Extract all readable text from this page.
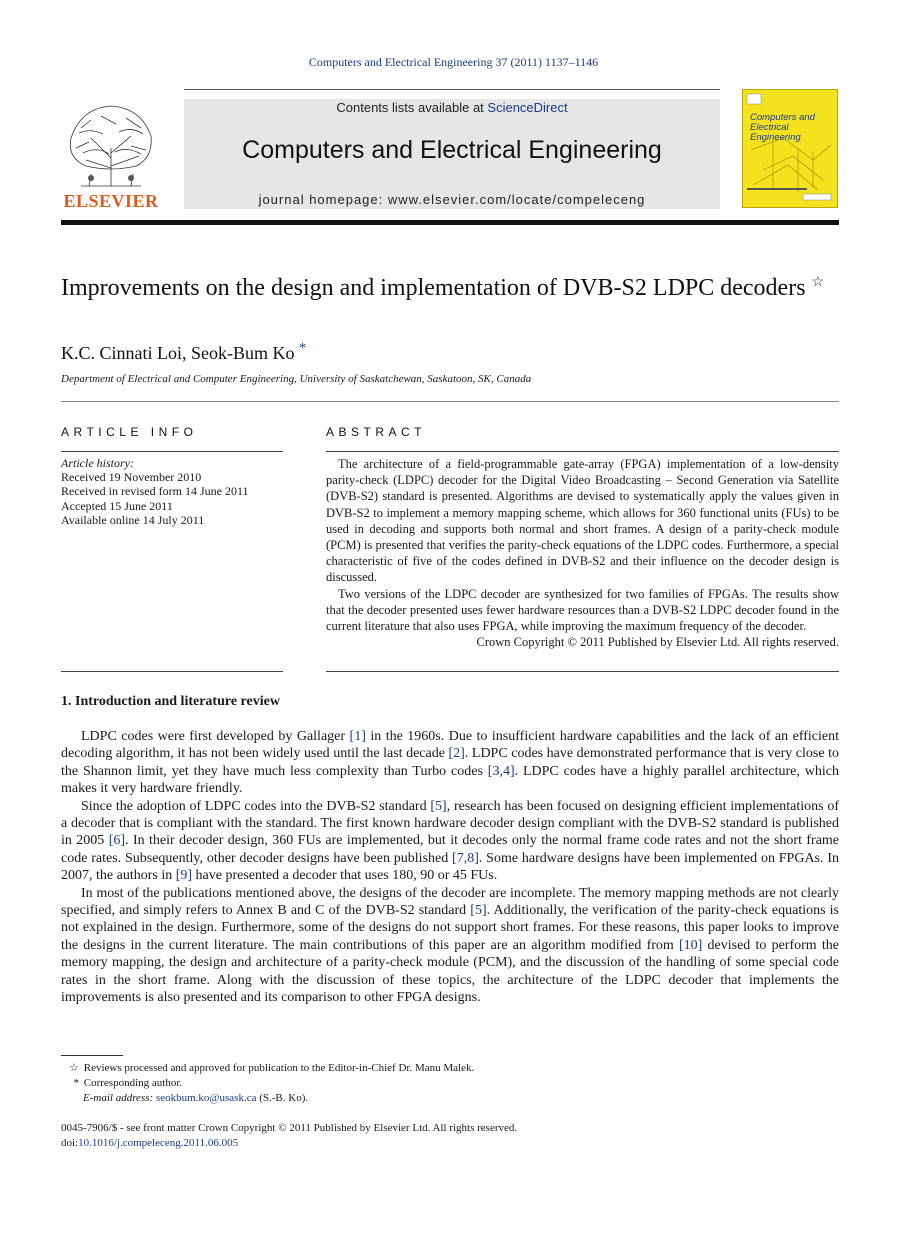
Computers and Electrical Engineering 37 (2011) 1137–1146
ELSEVIER
Contents lists available at ScienceDirect
Computers and Electrical Engineering
journal homepage: www.elsevier.com/locate/compeleceng
Computers and
Electrical Engineering
Improvements on the design and implementation of DVB-S2 LDPC decoders ☆
K.C. Cinnati Loi, Seok-Bum Ko *
Department of Electrical and Computer Engineering, University of Saskatchewan, Saskatoon, SK, Canada
ARTICLE INFO
Article history:
Received 19 November 2010
Received in revised form 14 June 2011
Accepted 15 June 2011
Available online 14 July 2011
ABSTRACT

The architecture of a field-programmable gate-array (FPGA) implementation of a low-density parity-check (LDPC) decoder for the Digital Video Broadcasting – Second Generation via Satellite (DVB-S2) standard is presented. Algorithms are devised to systematically apply the values given in DVB-S2 to implement a memory mapping scheme, which allows for 360 functional units (FUs) to be used in decoding and supports both normal and short frames. A design of a parity-check module (PCM) is presented that verifies the parity-check equations of the LDPC codes. Furthermore, a special characteristic of five of the codes defined in DVB-S2 and their influence on the decoder design is discussed.

Two versions of the LDPC decoder are synthesized for two families of FPGAs. The results show that the decoder presented uses fewer hardware resources than a DVB-S2 LDPC decoder found in the current literature that also uses FPGA, while improving the maximum frequency of the decoder.

Crown Copyright © 2011 Published by Elsevier Ltd. All rights reserved.

1. Introduction and literature review

LDPC codes were first developed by Gallager [1] in the 1960s. Due to insufficient hardware capabilities and the lack of an efficient decoding algorithm, it has not been widely used until the last decade [2]. LDPC codes have demonstrated performance that is very close to the Shannon limit, yet they have much less complexity than Turbo codes [3,4]. LDPC codes have a highly parallel architecture, which makes it very hardware friendly.

Since the adoption of LDPC codes into the DVB-S2 standard [5], research has been focused on designing efficient implementations of a decoder that is compliant with the standard. The first known hardware decoder design compliant with the DVB-S2 standard is published in 2005 [6]. In their decoder design, 360 FUs are implemented, but it decodes only the normal frame code rates and not the short frame code rates. Subsequently, other decoder designs have been published [7,8]. Some hardware designs have been implemented on FPGAs. In 2007, the authors in [9] have presented a decoder that uses 180, 90 or 45 FUs.

In most of the publications mentioned above, the designs of the decoder are incomplete. The memory mapping methods are not clearly specified, and simply refers to Annex B and C of the DVB-S2 standard [5]. Additionally, the verification of the parity-check equations is not explained in the design. Furthermore, some of the designs do not support short frames. For these reasons, this paper looks to improve the designs in the current literature. The main contributions of this paper are an algorithm modified from [10] devised to perform the memory mapping, the design and architecture of a parity-check module (PCM), and the discussion of the handling of some special code rates in the short frame. Along with the discussion of these topics, the architecture of the LDPC decoder that implements the improvements is also presented and its comparison to other FPGA designs.

☆ Reviews processed and approved for publication to the Editor-in-Chief Dr. Manu Malek.
* Corresponding author.
E-mail address: seokbum.ko@usask.ca (S.-B. Ko).
0045-7906/$ - see front matter Crown Copyright © 2011 Published by Elsevier Ltd. All rights reserved.
doi:10.1016/j.compeleceng.2011.06.005
